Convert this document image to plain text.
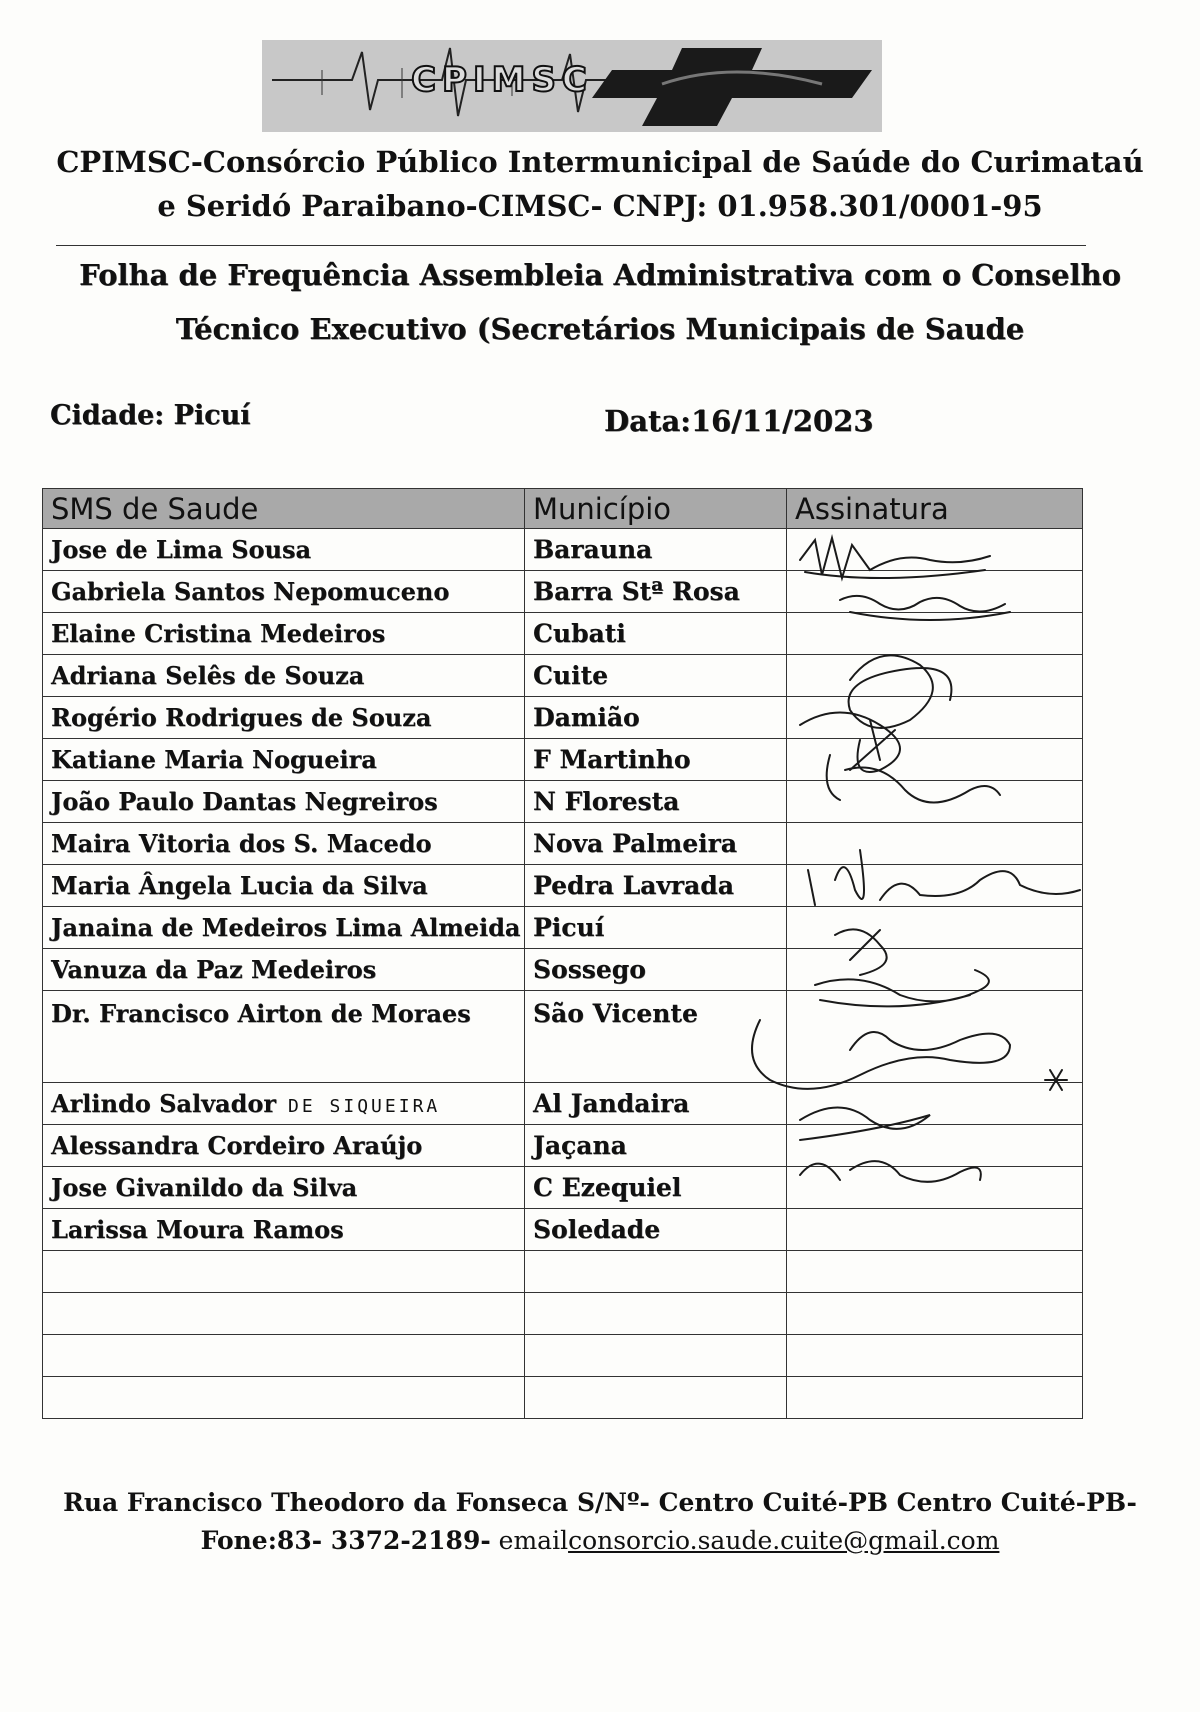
CPIMSC
CPIMSC-Consórcio Público Intermunicipal de Saúde do Curimataú
e Seridó Paraibano-CIMSC- CNPJ: 01.958.301/0001-95
Folha de Frequência Assembleia Administrativa com o Conselho
Técnico Executivo (Secretários Municipais de Saude
Cidade: Picuí	Data:16/11/2023
SMS de Saude	Município	Assinatura
Jose de Lima Sousa	Barauna	
Gabriela Santos Nepomuceno	Barra Stª Rosa	
Elaine Cristina Medeiros	Cubati	
Adriana Selês de Souza	Cuite	
Rogério Rodrigues de Souza	Damião	
Katiane Maria Nogueira	F Martinho	
João Paulo Dantas Negreiros	N Floresta	
Maira Vitoria dos S. Macedo	Nova Palmeira	
Maria Ângela Lucia da Silva	Pedra Lavrada	
Janaina de Medeiros Lima Almeida	Picuí	
Vanuza da Paz Medeiros	Sossego	
Dr. Francisco Airton de Moraes	São Vicente	
Arlindo Salvador DE SIQUEIRA	Al Jandaira	
Alessandra Cordeiro Araújo	Jaçana	
Jose Givanildo da Silva	C Ezequiel	
Larissa Moura Ramos	Soledade	

Rua Francisco Theodoro da Fonseca S/Nº- Centro Cuité-PB Centro Cuité-PB-
Fone:83- 3372-2189- emailconsorcio.saude.cuite@gmail.com
